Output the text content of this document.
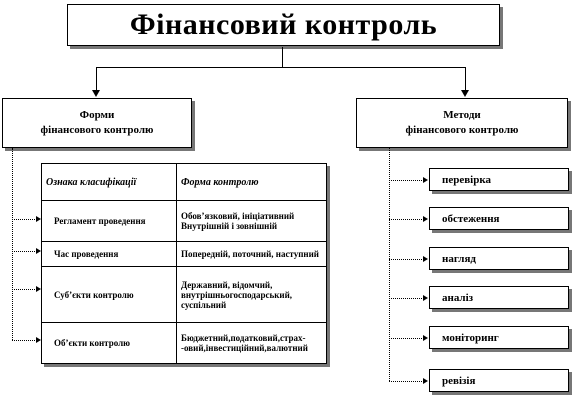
Фінансовий контроль
Форми
фінансового контролю
Методи
фінансового контролю
Ознака класифікації	Форма контролю
Регламент проведення	Обов’язковий, ініціативний Внутрішній і зовнішній
Час проведення	Попередній, поточний, наступний
Суб’єкти контролю	Державний, відомчий, внутрішньогосподарський, суспільний
Об’єкти контролю	Бюджетний,податковий,страх- -овий,інвестиційний,валютний
перевірка
обстеження
нагляд
аналіз
моніторинг
ревізія
